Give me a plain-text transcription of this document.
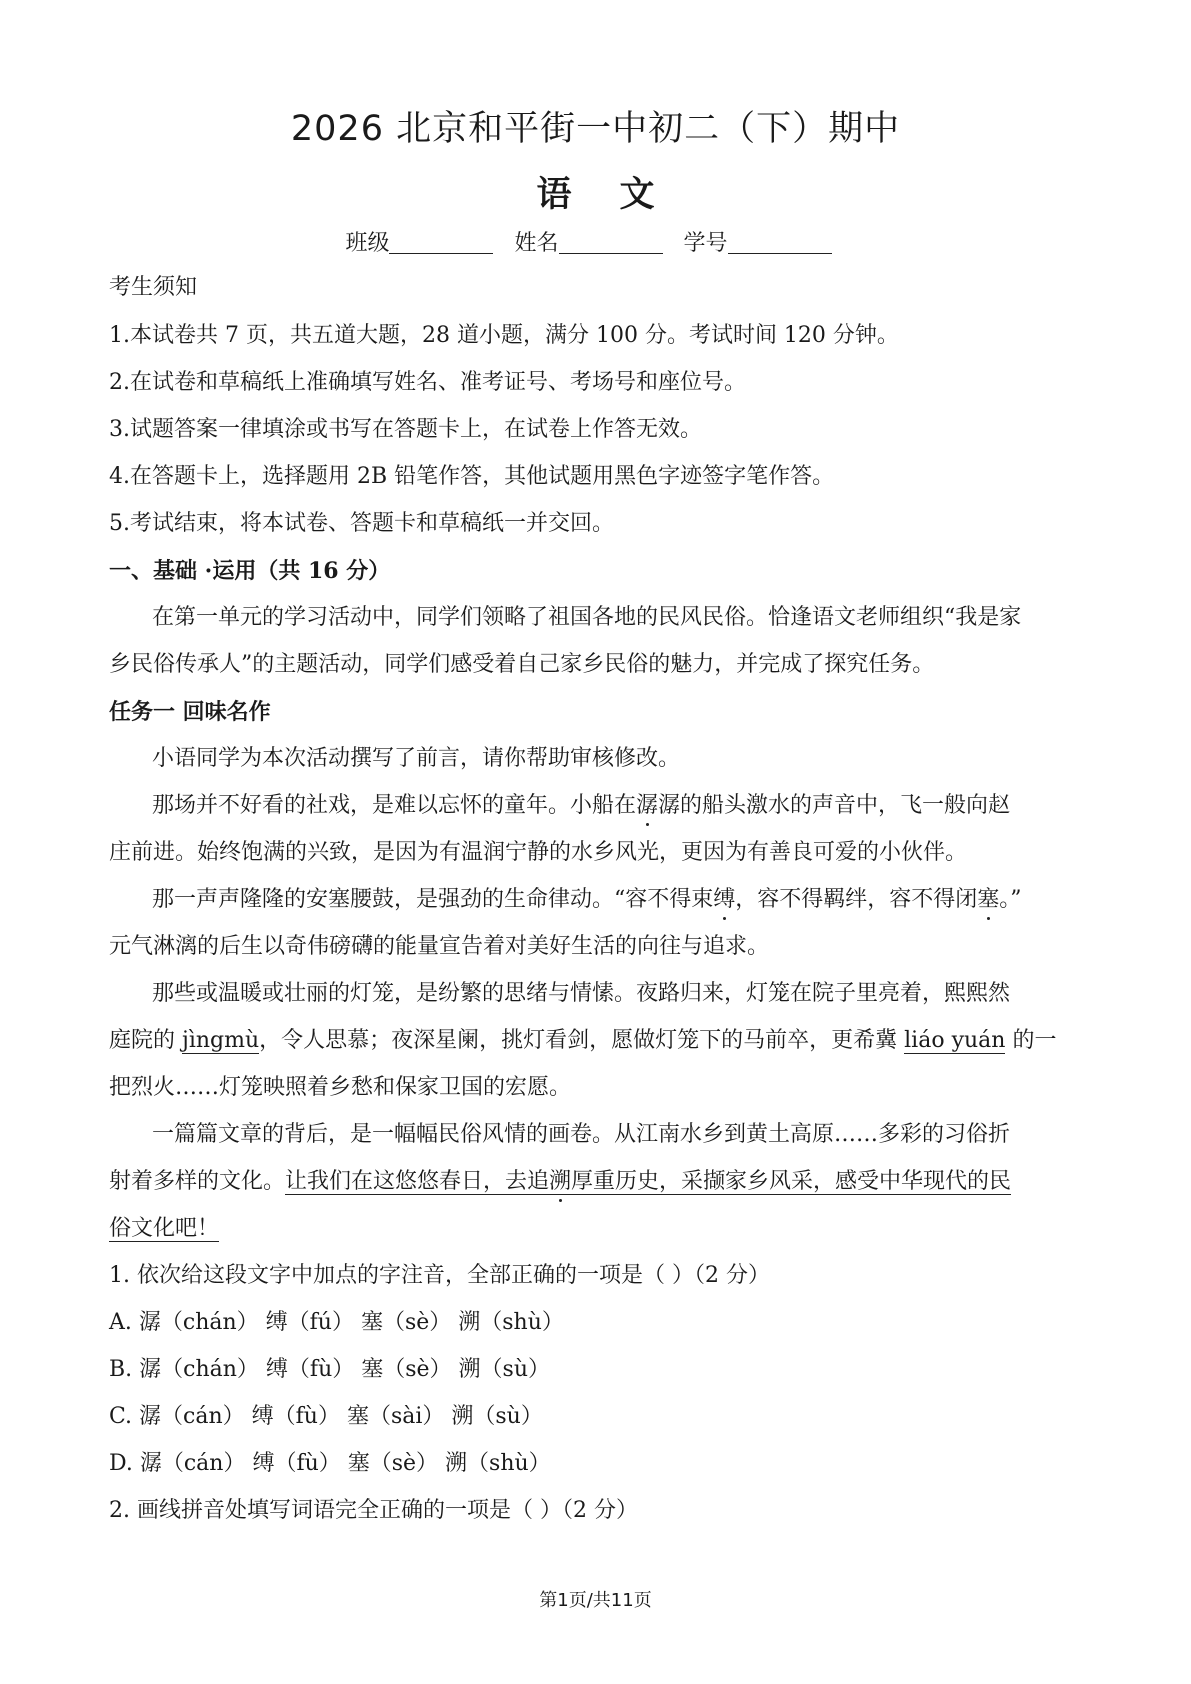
2026 北京和平街一中初二（下）期中
语文
班级	姓名	学号
考生须知
1.本试卷共 7 页，共五道大题，28 道小题，满分 100 分。考试时间 120 分钟。
2.在试卷和草稿纸上准确填写姓名、准考证号、考场号和座位号。
3.试题答案一律填涂或书写在答题卡上，在试卷上作答无效。
4.在答题卡上，选择题用 2B 铅笔作答，其他试题用黑色字迹签字笔作答。
5.考试结束，将本试卷、答题卡和草稿纸一并交回。
一、基础 ·运用（共 16 分）
在第一单元的学习活动中，同学们领略了祖国各地的民风民俗。恰逢语文老师组织“我是家
乡民俗传承人”的主题活动，同学们感受着自己家乡民俗的魅力，并完成了探究任务。
任务一 回味名作
小语同学为本次活动撰写了前言，请你帮助审核修改。
那场并不好看的社戏，是难以忘怀的童年。小船在潺潺的船头激水的声音中，飞一般向赵
庄前进。始终饱满的兴致，是因为有温润宁静的水乡风光，更因为有善良可爱的小伙伴。
那一声声隆隆的安塞腰鼓，是强劲的生命律动。“容不得束缚，容不得羁绊，容不得闭塞。”
元气淋漓的后生以奇伟磅礴的能量宣告着对美好生活的向往与追求。
那些或温暖或壮丽的灯笼，是纷繁的思绪与情愫。夜路归来，灯笼在院子里亮着，熙熙然
庭院的 jìngmù，令人思慕；夜深星阑，挑灯看剑，愿做灯笼下的马前卒，更希冀 liáo yuán 的一
把烈火……灯笼映照着乡愁和保家卫国的宏愿。
一篇篇文章的背后，是一幅幅民俗风情的画卷。从江南水乡到黄土高原……多彩的习俗折
射着多样的文化。让我们在这悠悠春日，去追溯厚重历史，采撷家乡风采，感受中华现代的民
俗文化吧！
1. 依次给这段文字中加点的字注音，全部正确的一项是（ ）（2 分）
A. 潺（chán） 缚（fú） 塞（sè） 溯（shù）
B. 潺（chán） 缚（fù） 塞（sè） 溯（sù）
C. 潺（cán） 缚（fù） 塞（sài） 溯（sù）
D. 潺（cán） 缚（fù） 塞（sè） 溯（shù）
2. 画线拼音处填写词语完全正确的一项是（ ）（2 分）
第1页/共11页
